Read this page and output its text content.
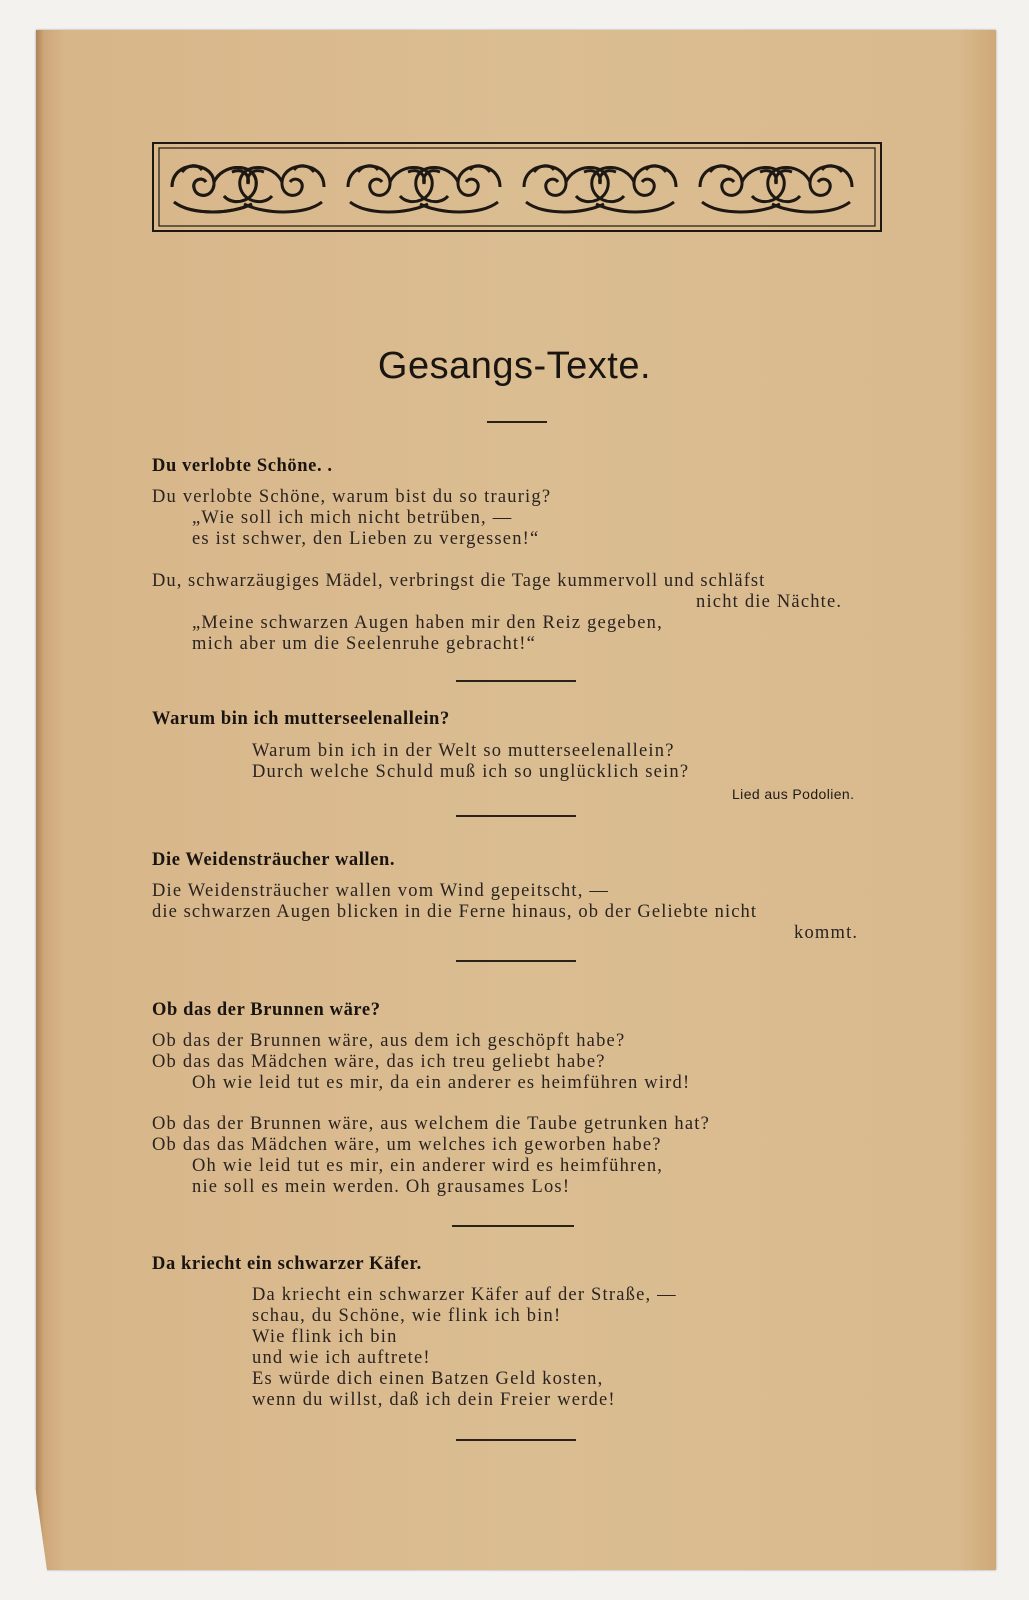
Gesangs-Texte.
Du verlobte Schöne. .
Du verlobte Schöne, warum bist du so traurig?
„Wie soll ich mich nicht betrüben, —
es ist schwer, den Lieben zu vergessen!“
Du, schwarzäugiges Mädel, verbringst die Tage kummervoll und schläfst
nicht die Nächte.
„Meine schwarzen Augen haben mir den Reiz gegeben,
mich aber um die Seelenruhe gebracht!“
Warum bin ich mutterseelenallein?
Warum bin ich in der Welt so mutterseelenallein?
Durch welche Schuld muß ich so unglücklich sein?
Lied aus Podolien.
Die Weidensträucher wallen.
Die Weidensträucher wallen vom Wind gepeitscht, —
die schwarzen Augen blicken in die Ferne hinaus, ob der Geliebte nicht
kommt.
Ob das der Brunnen wäre?
Ob das der Brunnen wäre, aus dem ich geschöpft habe?
Ob das das Mädchen wäre, das ich treu geliebt habe?
Oh wie leid tut es mir, da ein anderer es heimführen wird!
Ob das der Brunnen wäre, aus welchem die Taube getrunken hat?
Ob das das Mädchen wäre, um welches ich geworben habe?
Oh wie leid tut es mir, ein anderer wird es heimführen,
nie soll es mein werden. Oh grausames Los!
Da kriecht ein schwarzer Käfer.
Da kriecht ein schwarzer Käfer auf der Straße, —
schau, du Schöne, wie flink ich bin!
Wie flink ich bin
und wie ich auftrete!
Es würde dich einen Batzen Geld kosten,
wenn du willst, daß ich dein Freier werde!
